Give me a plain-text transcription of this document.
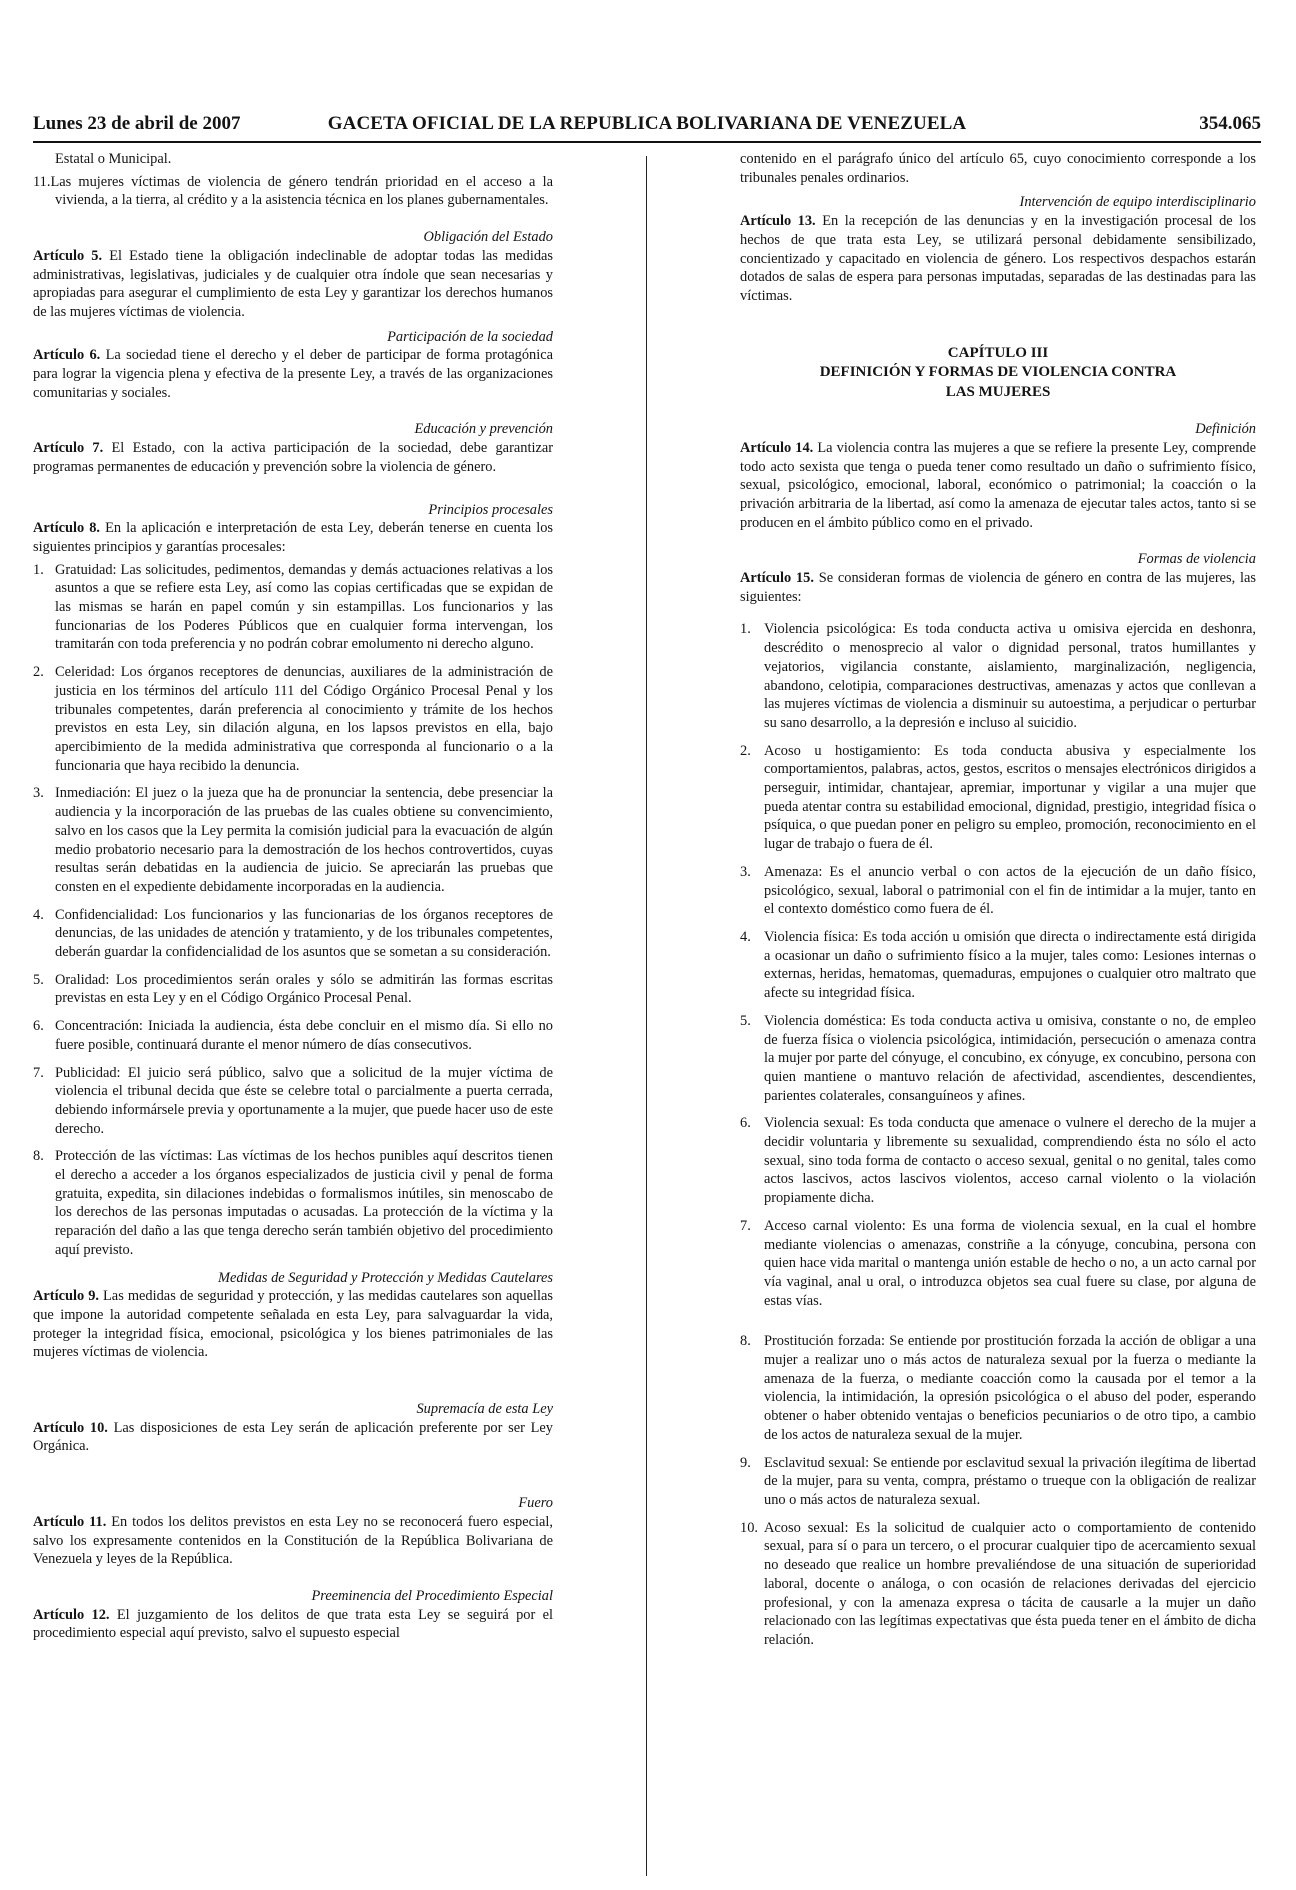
Lunes 23 de abril de 2007	GACETA OFICIAL DE LA REPUBLICA BOLIVARIANA DE VENEZUELA	354.065

Estatal o Municipal.

11.Las mujeres víctimas de violencia de género tendrán prioridad en el acceso a la vivienda, a la tierra, al crédito y a la asistencia técnica en los planes gubernamentales.

Obligación del Estado

Artículo 5. El Estado tiene la obligación indeclinable de adoptar todas las medidas administrativas, legislativas, judiciales y de cualquier otra índole que sean necesarias y apropiadas para asegurar el cumplimiento de esta Ley y garantizar los derechos humanos de las mujeres víctimas de violencia.

Participación de la sociedad

Artículo 6. La sociedad tiene el derecho y el deber de participar de forma protagónica para lograr la vigencia plena y efectiva de la presente Ley, a través de las organizaciones comunitarias y sociales.

Educación y prevención

Artículo 7. El Estado, con la activa participación de la sociedad, debe garantizar programas permanentes de educación y prevención sobre la violencia de género.

Principios procesales

Artículo 8. En la aplicación e interpretación de esta Ley, deberán tenerse en cuenta los siguientes principios y garantías procesales:

1. Gratuidad: Las solicitudes, pedimentos, demandas y demás actuaciones relativas a los asuntos a que se refiere esta Ley, así como las copias certificadas que se expidan de las mismas se harán en papel común y sin estampillas. Los funcionarios y las funcionarias de los Poderes Públicos que en cualquier forma intervengan, los tramitarán con toda preferencia y no podrán cobrar emolumento ni derecho alguno.
2. Celeridad: Los órganos receptores de denuncias, auxiliares de la administración de justicia en los términos del artículo 111 del Código Orgánico Procesal Penal y los tribunales competentes, darán preferencia al conocimiento y trámite de los hechos previstos en esta Ley, sin dilación alguna, en los lapsos previstos en ella, bajo apercibimiento de la medida administrativa que corresponda al funcionario o a la funcionaria que haya recibido la denuncia.
3. Inmediación: El juez o la jueza que ha de pronunciar la sentencia, debe presenciar la audiencia y la incorporación de las pruebas de las cuales obtiene su convencimiento, salvo en los casos que la Ley permita la comisión judicial para la evacuación de algún medio probatorio necesario para la demostración de los hechos controvertidos, cuyas resultas serán debatidas en la audiencia de juicio. Se apreciarán las pruebas que consten en el expediente debidamente incorporadas en la audiencia.
4. Confidencialidad: Los funcionarios y las funcionarias de los órganos receptores de denuncias, de las unidades de atención y tratamiento, y de los tribunales competentes, deberán guardar la confidencialidad de los asuntos que se sometan a su consideración.
5. Oralidad: Los procedimientos serán orales y sólo se admitirán las formas escritas previstas en esta Ley y en el Código Orgánico Procesal Penal.
6. Concentración: Iniciada la audiencia, ésta debe concluir en el mismo día. Si ello no fuere posible, continuará durante el menor número de días consecutivos.
7. Publicidad: El juicio será público, salvo que a solicitud de la mujer víctima de violencia el tribunal decida que éste se celebre total o parcialmente a puerta cerrada, debiendo informársele previa y oportunamente a la mujer, que puede hacer uso de este derecho.
8. Protección de las víctimas: Las víctimas de los hechos punibles aquí descritos tienen el derecho a acceder a los órganos especializados de justicia civil y penal de forma gratuita, expedita, sin dilaciones indebidas o formalismos inútiles, sin menoscabo de los derechos de las personas imputadas o acusadas. La protección de la víctima y la reparación del daño a las que tenga derecho serán también objetivo del procedimiento aquí previsto.

Medidas de Seguridad y Protección y Medidas Cautelares

Artículo 9. Las medidas de seguridad y protección, y las medidas cautelares son aquellas que impone la autoridad competente señalada en esta Ley, para salvaguardar la vida, proteger la integridad física, emocional, psicológica y los bienes patrimoniales de las mujeres víctimas de violencia.

Supremacía de esta Ley

Artículo 10. Las disposiciones de esta Ley serán de aplicación preferente por ser Ley Orgánica.

Fuero

Artículo 11. En todos los delitos previstos en esta Ley no se reconocerá fuero especial, salvo los expresamente contenidos en la Constitución de la República Bolivariana de Venezuela y leyes de la República.

Preeminencia del Procedimiento Especial

Artículo 12. El juzgamiento de los delitos de que trata esta Ley se seguirá por el procedimiento especial aquí previsto, salvo el supuesto especial

contenido en el parágrafo único del artículo 65, cuyo conocimiento corresponde a los tribunales penales ordinarios.

Intervención de equipo interdisciplinario

Artículo 13. En la recepción de las denuncias y en la investigación procesal de los hechos de que trata esta Ley, se utilizará personal debidamente sensibilizado, concientizado y capacitado en violencia de género. Los respectivos despachos estarán dotados de salas de espera para personas imputadas, separadas de las destinadas para las víctimas.

CAPÍTULO III
DEFINICIÓN Y FORMAS DE VIOLENCIA CONTRA
LAS MUJERES

Definición

Artículo 14. La violencia contra las mujeres a que se refiere la presente Ley, comprende todo acto sexista que tenga o pueda tener como resultado un daño o sufrimiento físico, sexual, psicológico, emocional, laboral, económico o patrimonial; la coacción o la privación arbitraria de la libertad, así como la amenaza de ejecutar tales actos, tanto si se producen en el ámbito público como en el privado.

Formas de violencia

Artículo 15. Se consideran formas de violencia de género en contra de las mujeres, las siguientes:

1. Violencia psicológica: Es toda conducta activa u omisiva ejercida en deshonra, descrédito o menosprecio al valor o dignidad personal, tratos humillantes y vejatorios, vigilancia constante, aislamiento, marginalización, negligencia, abandono, celotipia, comparaciones destructivas, amenazas y actos que conllevan a las mujeres víctimas de violencia a disminuir su autoestima, a perjudicar o perturbar su sano desarrollo, a la depresión e incluso al suicidio.
2. Acoso u hostigamiento: Es toda conducta abusiva y especialmente los comportamientos, palabras, actos, gestos, escritos o mensajes electrónicos dirigidos a perseguir, intimidar, chantajear, apremiar, importunar y vigilar a una mujer que pueda atentar contra su estabilidad emocional, dignidad, prestigio, integridad física o psíquica, o que puedan poner en peligro su empleo, promoción, reconocimiento en el lugar de trabajo o fuera de él.
3. Amenaza: Es el anuncio verbal o con actos de la ejecución de un daño físico, psicológico, sexual, laboral o patrimonial con el fin de intimidar a la mujer, tanto en el contexto doméstico como fuera de él.
4. Violencia física: Es toda acción u omisión que directa o indirectamente está dirigida a ocasionar un daño o sufrimiento físico a la mujer, tales como: Lesiones internas o externas, heridas, hematomas, quemaduras, empujones o cualquier otro maltrato que afecte su integridad física.
5. Violencia doméstica: Es toda conducta activa u omisiva, constante o no, de empleo de fuerza física o violencia psicológica, intimidación, persecución o amenaza contra la mujer por parte del cónyuge, el concubino, ex cónyuge, ex concubino, persona con quien mantiene o mantuvo relación de afectividad, ascendientes, descendientes, parientes colaterales, consanguíneos y afines.
6. Violencia sexual: Es toda conducta que amenace o vulnere el derecho de la mujer a decidir voluntaria y libremente su sexualidad, comprendiendo ésta no sólo el acto sexual, sino toda forma de contacto o acceso sexual, genital o no genital, tales como actos lascivos, actos lascivos violentos, acceso carnal violento o la violación propiamente dicha.
7. Acceso carnal violento: Es una forma de violencia sexual, en la cual el hombre mediante violencias o amenazas, constriñe a la cónyuge, concubina, persona con quien hace vida marital o mantenga unión estable de hecho o no, a un acto carnal por vía vaginal, anal u oral, o introduzca objetos sea cual fuere su clase, por alguna de estas vías.
8. Prostitución forzada: Se entiende por prostitución forzada la acción de obligar a una mujer a realizar uno o más actos de naturaleza sexual por la fuerza o mediante la amenaza de la fuerza, o mediante coacción como la causada por el temor a la violencia, la intimidación, la opresión psicológica o el abuso del poder, esperando obtener o haber obtenido ventajas o beneficios pecuniarios o de otro tipo, a cambio de los actos de naturaleza sexual de la mujer.
9. Esclavitud sexual: Se entiende por esclavitud sexual la privación ilegítima de libertad de la mujer, para su venta, compra, préstamo o trueque con la obligación de realizar uno o más actos de naturaleza sexual.
10. Acoso sexual: Es la solicitud de cualquier acto o comportamiento de contenido sexual, para sí o para un tercero, o el procurar cualquier tipo de acercamiento sexual no deseado que realice un hombre prevaliéndose de una situación de superioridad laboral, docente o análoga, o con ocasión de relaciones derivadas del ejercicio profesional, y con la amenaza expresa o tácita de causarle a la mujer un daño relacionado con las legítimas expectativas que ésta pueda tener en el ámbito de dicha relación.
